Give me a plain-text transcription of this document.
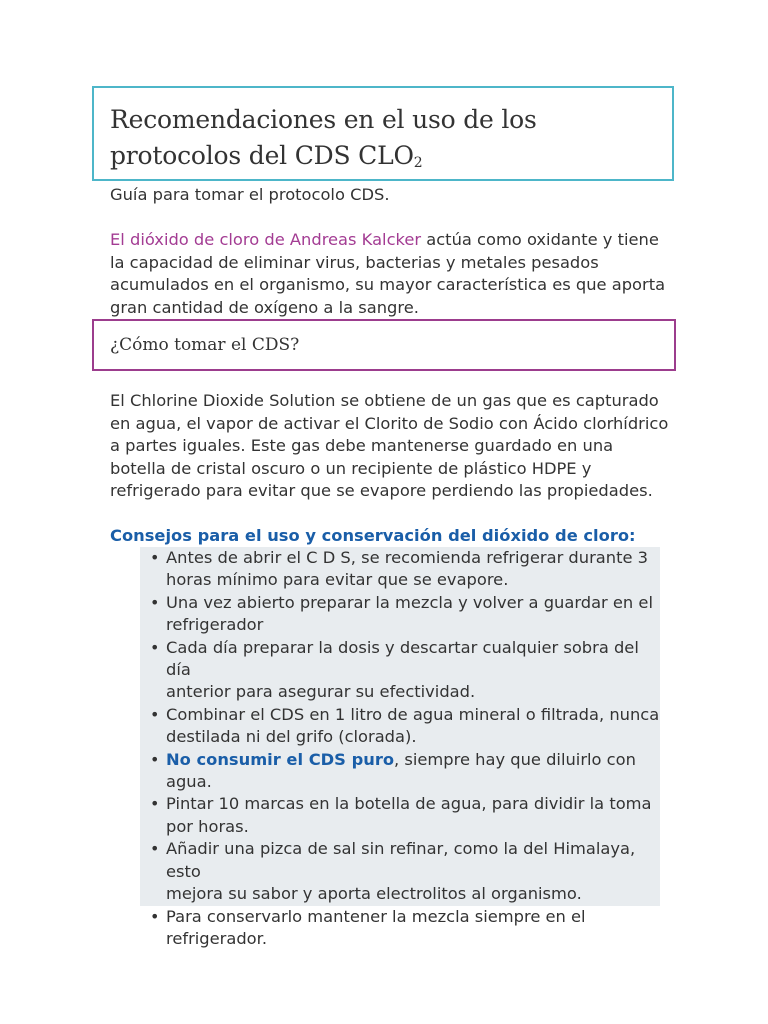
Recomendaciones en el uso de los
protocolos del CDS $CLO_2$

Guía para tomar el protocolo CDS.

El dióxido de cloro de Andreas Kalcker actúa como oxidante y tiene la capacidad de eliminar virus, bacterias y metales pesados acumulados en el organismo, su mayor característica es que aporta gran cantidad de oxígeno a la sangre.

¿Cómo tomar el CDS?

El Chlorine Dioxide Solution se obtiene de un gas que es capturado en agua, el vapor de activar el Clorito de Sodio con Ácido clorhídrico a partes iguales. Este gas debe mantenerse guardado en una botella de cristal oscuro o un recipiente de plástico HDPE y refrigerado para evitar que se evapore perdiendo las propiedades.

Consejos para el uso y conservación del dióxido de cloro:

• Antes de abrir el C D S, se recomienda refrigerar durante 3
horas mínimo para evitar que se evapore.
• Una vez abierto preparar la mezcla y volver a guardar en el
refrigerador
• Cada día preparar la dosis y descartar cualquier sobra del día
anterior para asegurar su efectividad.
• Combinar el CDS en 1 litro de agua mineral o filtrada, nunca
destilada ni del grifo (clorada).
• No consumir el CDS puro, siempre hay que diluirlo con
agua.
• Pintar 10 marcas en la botella de agua, para dividir la toma
por horas.
• Añadir una pizca de sal sin refinar, como la del Himalaya, esto
mejora su sabor y aporta electrolitos al organismo.
• Para conservarlo mantener la mezcla siempre en el
refrigerador.
